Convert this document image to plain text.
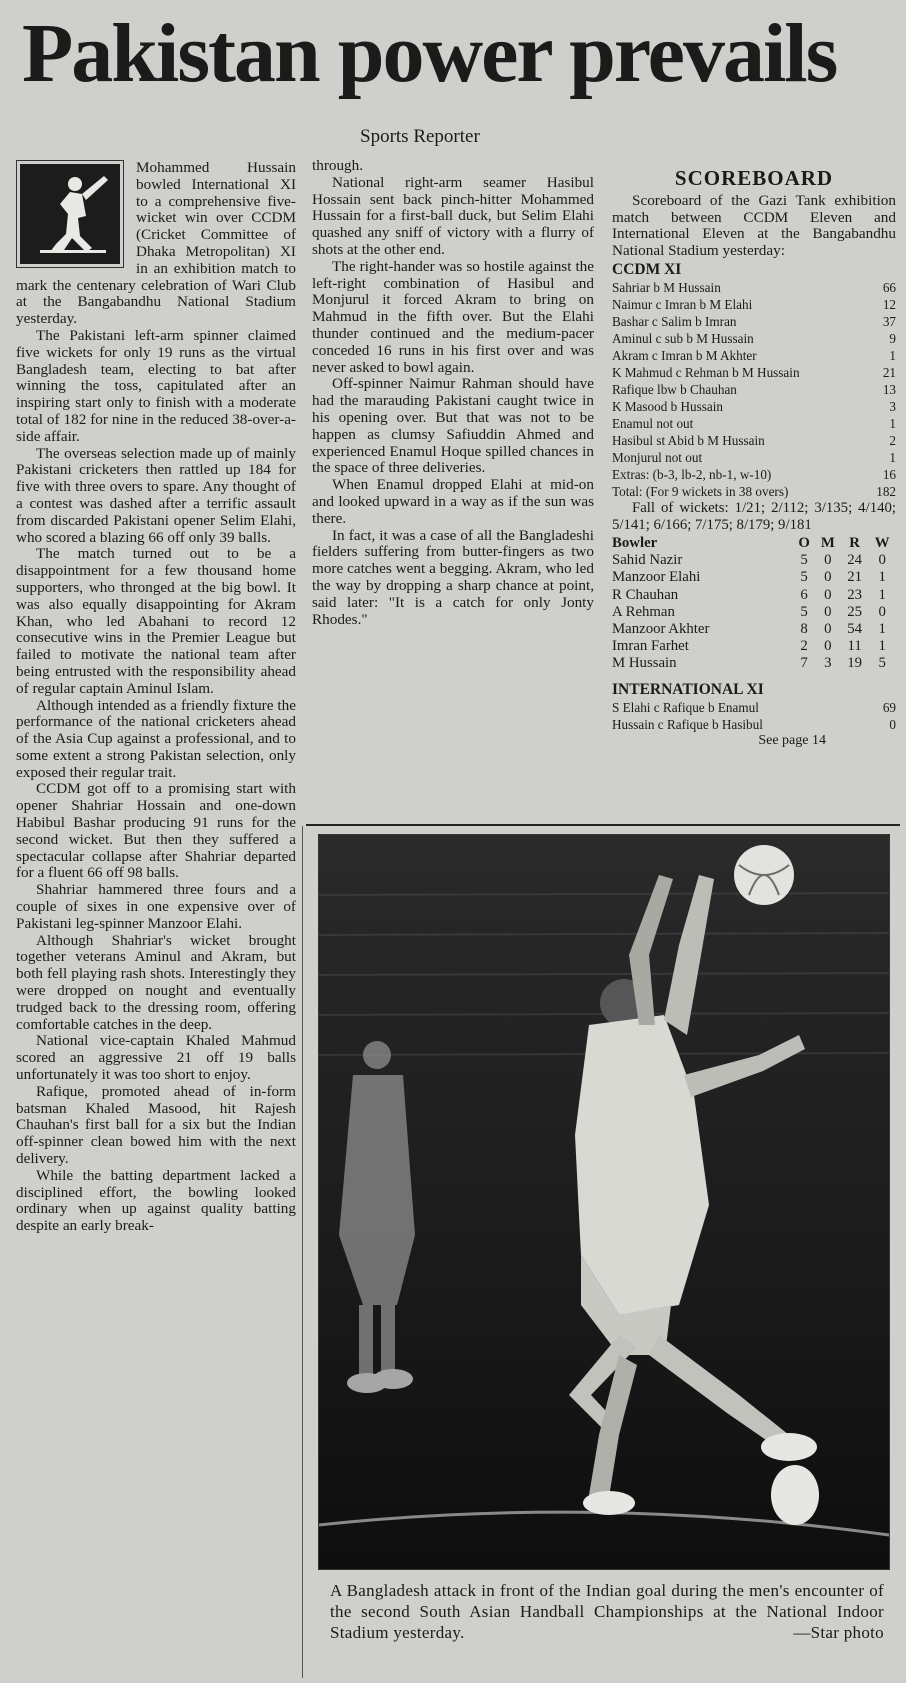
Pakistan power prevails
Sports Reporter

Mohammed Hussain bowled International XI to a comprehensive five-wicket win over CCDM (Cricket Committee of Dhaka Metropolitan) XI in an exhibition match to mark the centenary celebration of Wari Club at the Bangabandhu National Stadium yesterday.

The Pakistani left-arm spinner claimed five wickets for only 19 runs as the virtual Bangladesh team, electing to bat after winning the toss, capitulated after an inspiring start only to finish with a moderate total of 182 for nine in the reduced 38-over-a-side affair.

The overseas selection made up of mainly Pakistani cricketers then rattled up 184 for five with three overs to spare. Any thought of a contest was dashed after a terrific assault from discarded Pakistani opener Selim Elahi, who scored a blazing 66 off only 39 balls.

The match turned out to be a disappointment for a few thousand home supporters, who thronged at the big bowl. It was also equally disappointing for Akram Khan, who led Abahani to record 12 consecutive wins in the Premier League but failed to motivate the national team after being entrusted with the responsibility ahead of regular captain Aminul Islam.

Although intended as a friendly fixture the performance of the national cricketers ahead of the Asia Cup against a professional, and to some extent a strong Pakistan selection, only exposed their regular trait.

CCDM got off to a promising start with opener Shahriar Hossain and one-down Habibul Bashar producing 91 runs for the second wicket. But then they suffered a spectacular collapse after Shahriar departed for a fluent 66 off 98 balls.

Shahriar hammered three fours and a couple of sixes in one expensive over of Pakistani leg-spinner Manzoor Elahi.

Although Shahriar's wicket brought together veterans Aminul and Akram, but both fell playing rash shots. Interestingly they were dropped on nought and eventually trudged back to the dressing room, offering comfortable catches in the deep.

National vice-captain Khaled Mahmud scored an aggressive 21 off 19 balls unfortunately it was too short to enjoy.

Rafique, promoted ahead of in-form batsman Khaled Masood, hit Rajesh Chauhan's first ball for a six but the Indian off-spinner clean bowed him with the next delivery.

While the batting department lacked a disciplined effort, the bowling looked ordinary when up against quality batting despite an early break-

through.

National right-arm seamer Hasibul Hossain sent back pinch-hitter Mohammed Hussain for a first-ball duck, but Selim Elahi quashed any sniff of victory with a flurry of shots at the other end.

The right-hander was so hostile against the left-right combination of Hasibul and Monjurul it forced Akram to bring on Mahmud in the fifth over. But the Elahi thunder continued and the medium-pacer conceded 16 runs in his first over and was never asked to bowl again.

Off-spinner Naimur Rahman should have had the marauding Pakistani caught twice in his opening over. But that was not to be happen as clumsy Safiuddin Ahmed and experienced Enamul Hoque spilled chances in the space of three deliveries.

When Enamul dropped Elahi at mid-on and looked upward in a way as if the sun was there.

In fact, it was a case of all the Bangladeshi fielders suffering from butter-fingers as two more catches went a begging. Akram, who led the way by dropping a sharp chance at point, said later: "It is a catch for only Jonty Rhodes."

SCOREBOARD
Scoreboard of the Gazi Tank exhibition match between CCDM Eleven and International Eleven at the Bangabandhu National Stadium yesterday:
CCDM XI
Sahriar b M Hussain	66
Naimur c Imran b M Elahi	12
Bashar c Salim b Imran	37
Aminul c sub b M Hussain	9
Akram c Imran b M Akhter	1
K Mahmud c Rehman b M Hussain	21
Rafique lbw b Chauhan	13
K Masood b Hussain	3
Enamul not out	1
Hasibul st Abid b M Hussain	2
Monjurul not out	1
Extras: (b-3, lb-2, nb-1, w-10)	16
Total: (For 9 wickets in 38 overs)	182
Fall of wickets: 1/21; 2/112; 3/135; 4/140; 5/141; 6/166; 7/175; 8/179; 9/181
Bowler	O	M	R	W
Sahid Nazir	5	0	24	0
Manzoor Elahi	5	0	21	1
R Chauhan	6	0	23	1
A Rehman	5	0	25	0
Manzoor Akhter	8	0	54	1
Imran Farhet	2	0	11	1
M Hussain	7	3	19	5
INTERNATIONAL XI
S Elahi c Rafique b Enamul	69
Hussain c Rafique b Hasibul	0
See page 14
A Bangladesh attack in front of the Indian goal during the men's encounter of the second South Asian Handball Championships at the National Indoor Stadium yesterday.	—Star photo
